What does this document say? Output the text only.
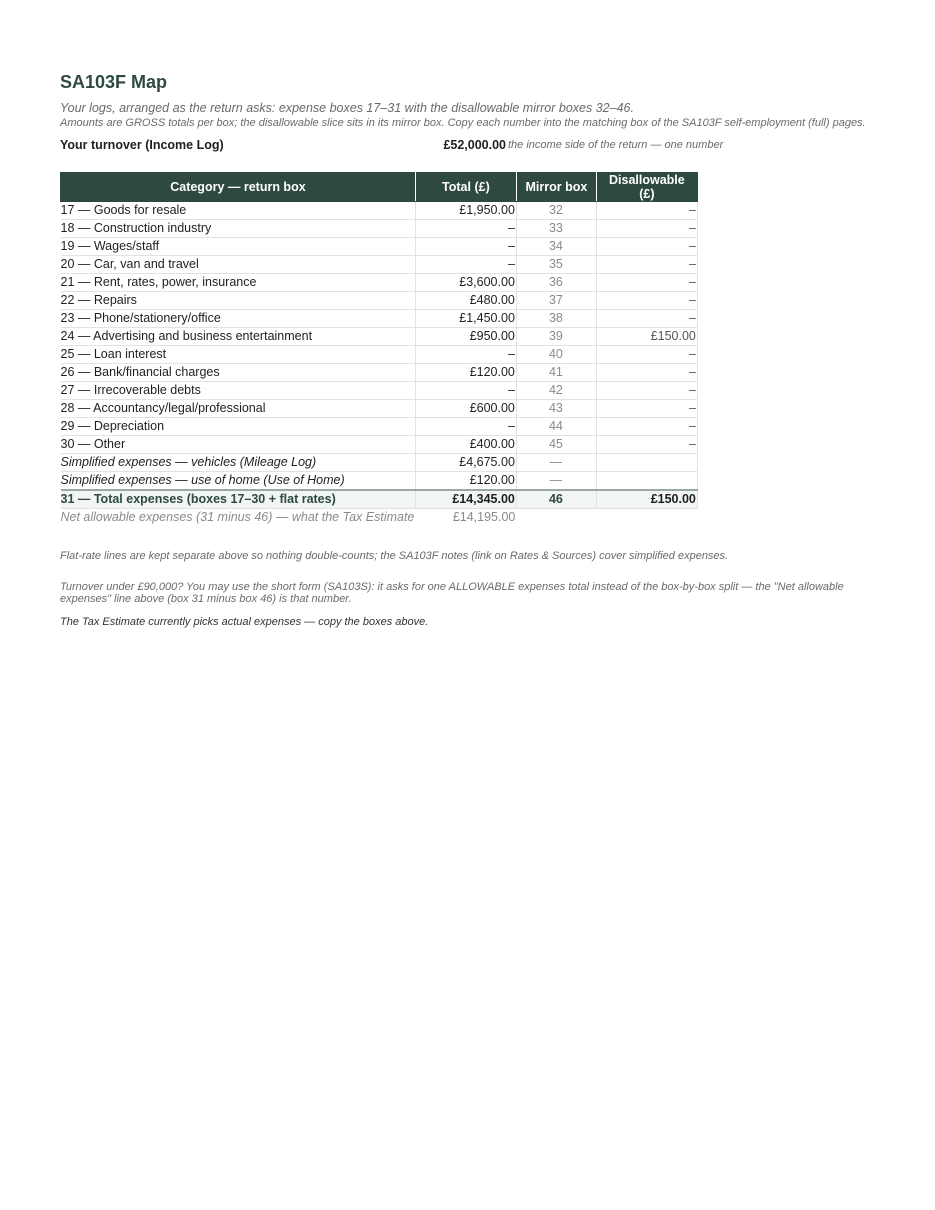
SA103F Map
Your logs, arranged as the return asks: expense boxes 17–31 with the disallowable mirror boxes 32–46.
Amounts are GROSS totals per box; the disallowable slice sits in its mirror box. Copy each number into the matching box of the SA103F self-employment (full) pages.
Your turnover (Income Log)	£52,000.00 the income side of the return — one number
Category — return box	Total (£)	Mirror box	Disallowable (£)
17 — Goods for resale	£1,950.00	32	–
18 — Construction industry	–	33	–
19 — Wages/staff	–	34	–
20 — Car, van and travel	–	35	–
21 — Rent, rates, power, insurance	£3,600.00	36	–
22 — Repairs	£480.00	37	–
23 — Phone/stationery/office	£1,450.00	38	–
24 — Advertising and business entertainment	£950.00	39	£150.00
25 — Loan interest	–	40	–
26 — Bank/financial charges	£120.00	41	–
27 — Irrecoverable debts	–	42	–
28 — Accountancy/legal/professional	£600.00	43	–
29 — Depreciation	–	44	–
30 — Other	£400.00	45	–
Simplified expenses — vehicles (Mileage Log)	£4,675.00	—	
Simplified expenses — use of home (Use of Home)	£120.00	—	
31 — Total expenses (boxes 17–30 + flat rates)	£14,345.00	46	£150.00
Net allowable expenses (31 minus 46) — what the Tax Estimate	£14,195.00		
Flat-rate lines are kept separate above so nothing double-counts; the SA103F notes (link on Rates & Sources) cover simplified expenses.
Turnover under £90,000? You may use the short form (SA103S): it asks for one ALLOWABLE expenses total instead of the box-by-box split — the "Net allowable expenses" line above (box 31 minus box 46) is that number.
The Tax Estimate currently picks actual expenses — copy the boxes above.
